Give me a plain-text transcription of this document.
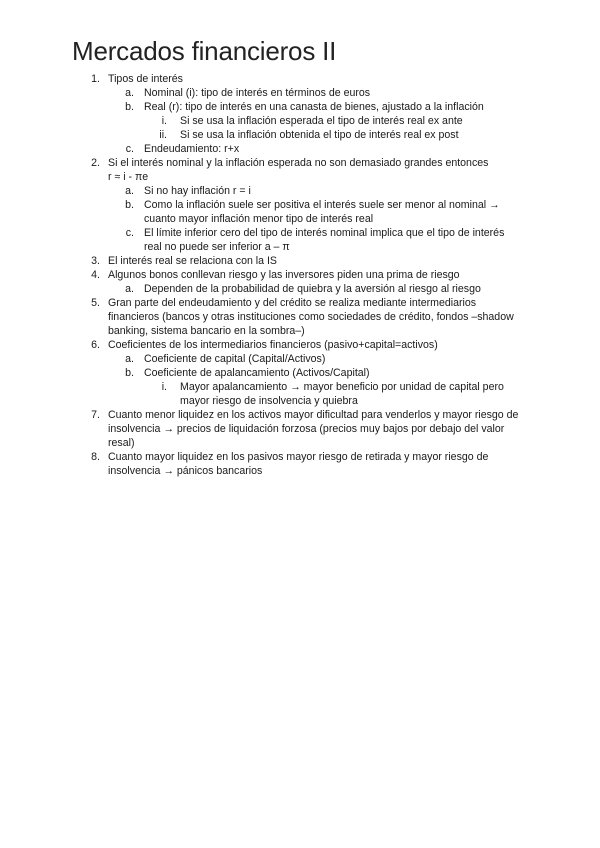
Mercados financieros II
1. Tipos de interés
a. Nominal (i): tipo de interés en términos de euros
b. Real (r): tipo de interés en una canasta de bienes, ajustado a la inflación
i. Si se usa la inflación esperada el tipo de interés real ex ante
ii. Si se usa la inflación obtenida el tipo de interés real ex post
c. Endeudamiento: r+x
2. Si el interés nominal y la inflación esperada no son demasiado grandes entonces
r ≈ i - πe
a. Si no hay inflación r = i
b. Como la inflación suele ser positiva el interés suele ser menor al nominal → cuanto mayor inflación menor tipo de interés real
c. El límite inferior cero del tipo de interés nominal implica que el tipo de interés real no puede ser inferior a – π
3. El interés real se relaciona con la IS
4. Algunos bonos conllevan riesgo y las inversores piden una prima de riesgo
a. Dependen de la probabilidad de quiebra y la aversión al riesgo al riesgo
5. Gran parte del endeudamiento y del crédito se realiza mediante intermediarios financieros (bancos y otras instituciones como sociedades de crédito, fondos –shadow banking, sistema bancario en la sombra–)
6. Coeficientes de los intermediarios financieros (pasivo+capital=activos)
a. Coeficiente de capital (Capital/Activos)
b. Coeficiente de apalancamiento (Activos/Capital)
i. Mayor apalancamiento → mayor beneficio por unidad de capital pero mayor riesgo de insolvencia y quiebra
7. Cuanto menor liquidez en los activos mayor dificultad para venderlos y mayor riesgo de insolvencia → precios de liquidación forzosa (precios muy bajos por debajo del valor resal)
8. Cuanto mayor liquidez en los pasivos mayor riesgo de retirada y mayor riesgo de insolvencia → pánicos bancarios
